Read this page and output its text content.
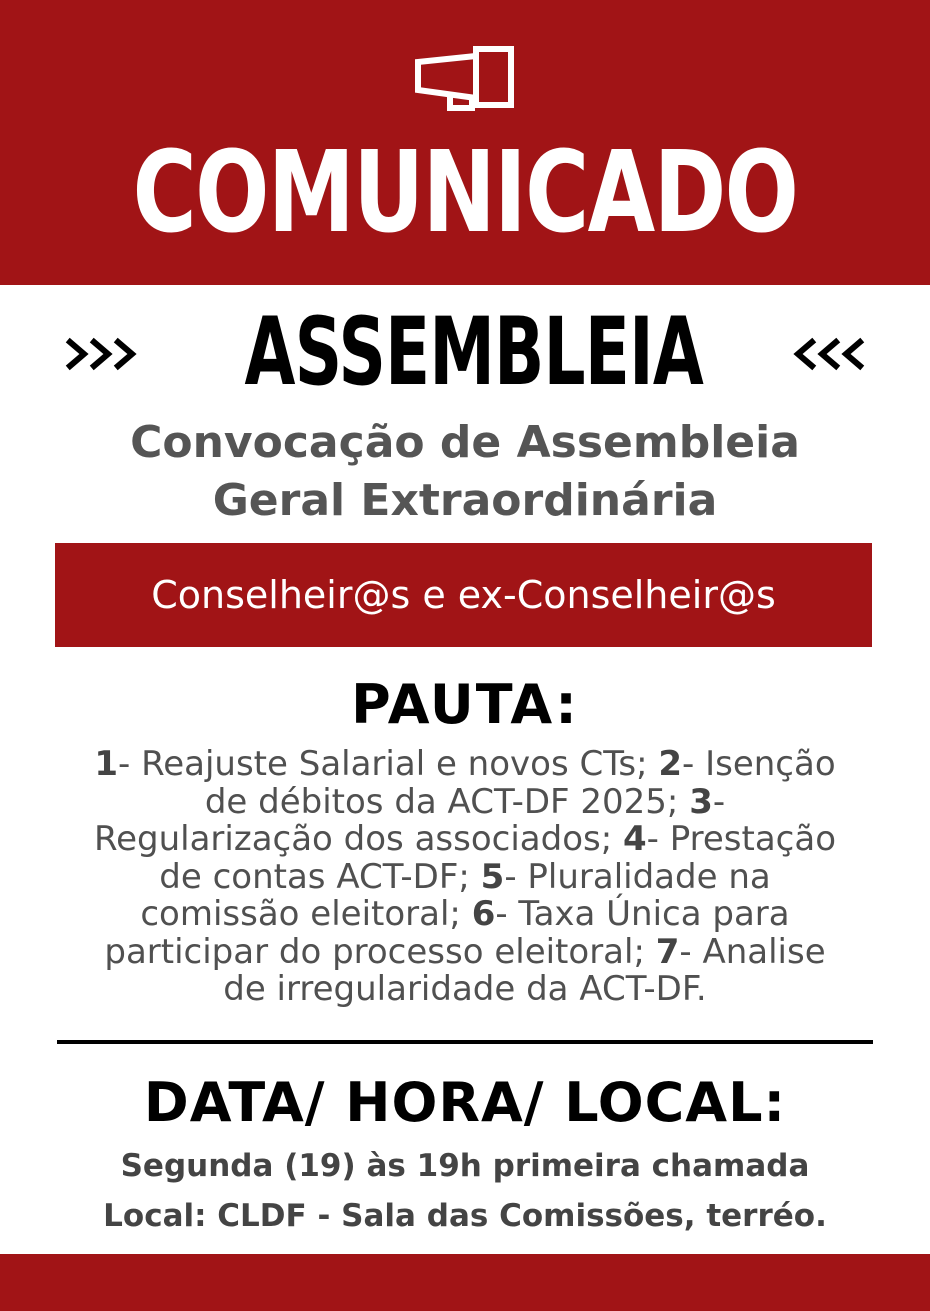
COMUNICADO
ASSEMBLEIA
Convocação de Assembleia
Geral Extraordinária
Conselheir@s e ex-Conselheir@s
PAUTA:
1- Reajuste Salarial e novos CTs; 2- Isenção
de débitos da ACT-DF 2025; 3-
Regularização dos associados; 4- Prestação
de contas ACT-DF; 5- Pluralidade na
comissão eleitoral; 6- Taxa Única para
participar do processo eleitoral; 7- Analise
de irregularidade da ACT-DF.
DATA/ HORA/ LOCAL:
Segunda (19) às 19h primeira chamada
Local: CLDF - Sala das Comissões, terréo.
